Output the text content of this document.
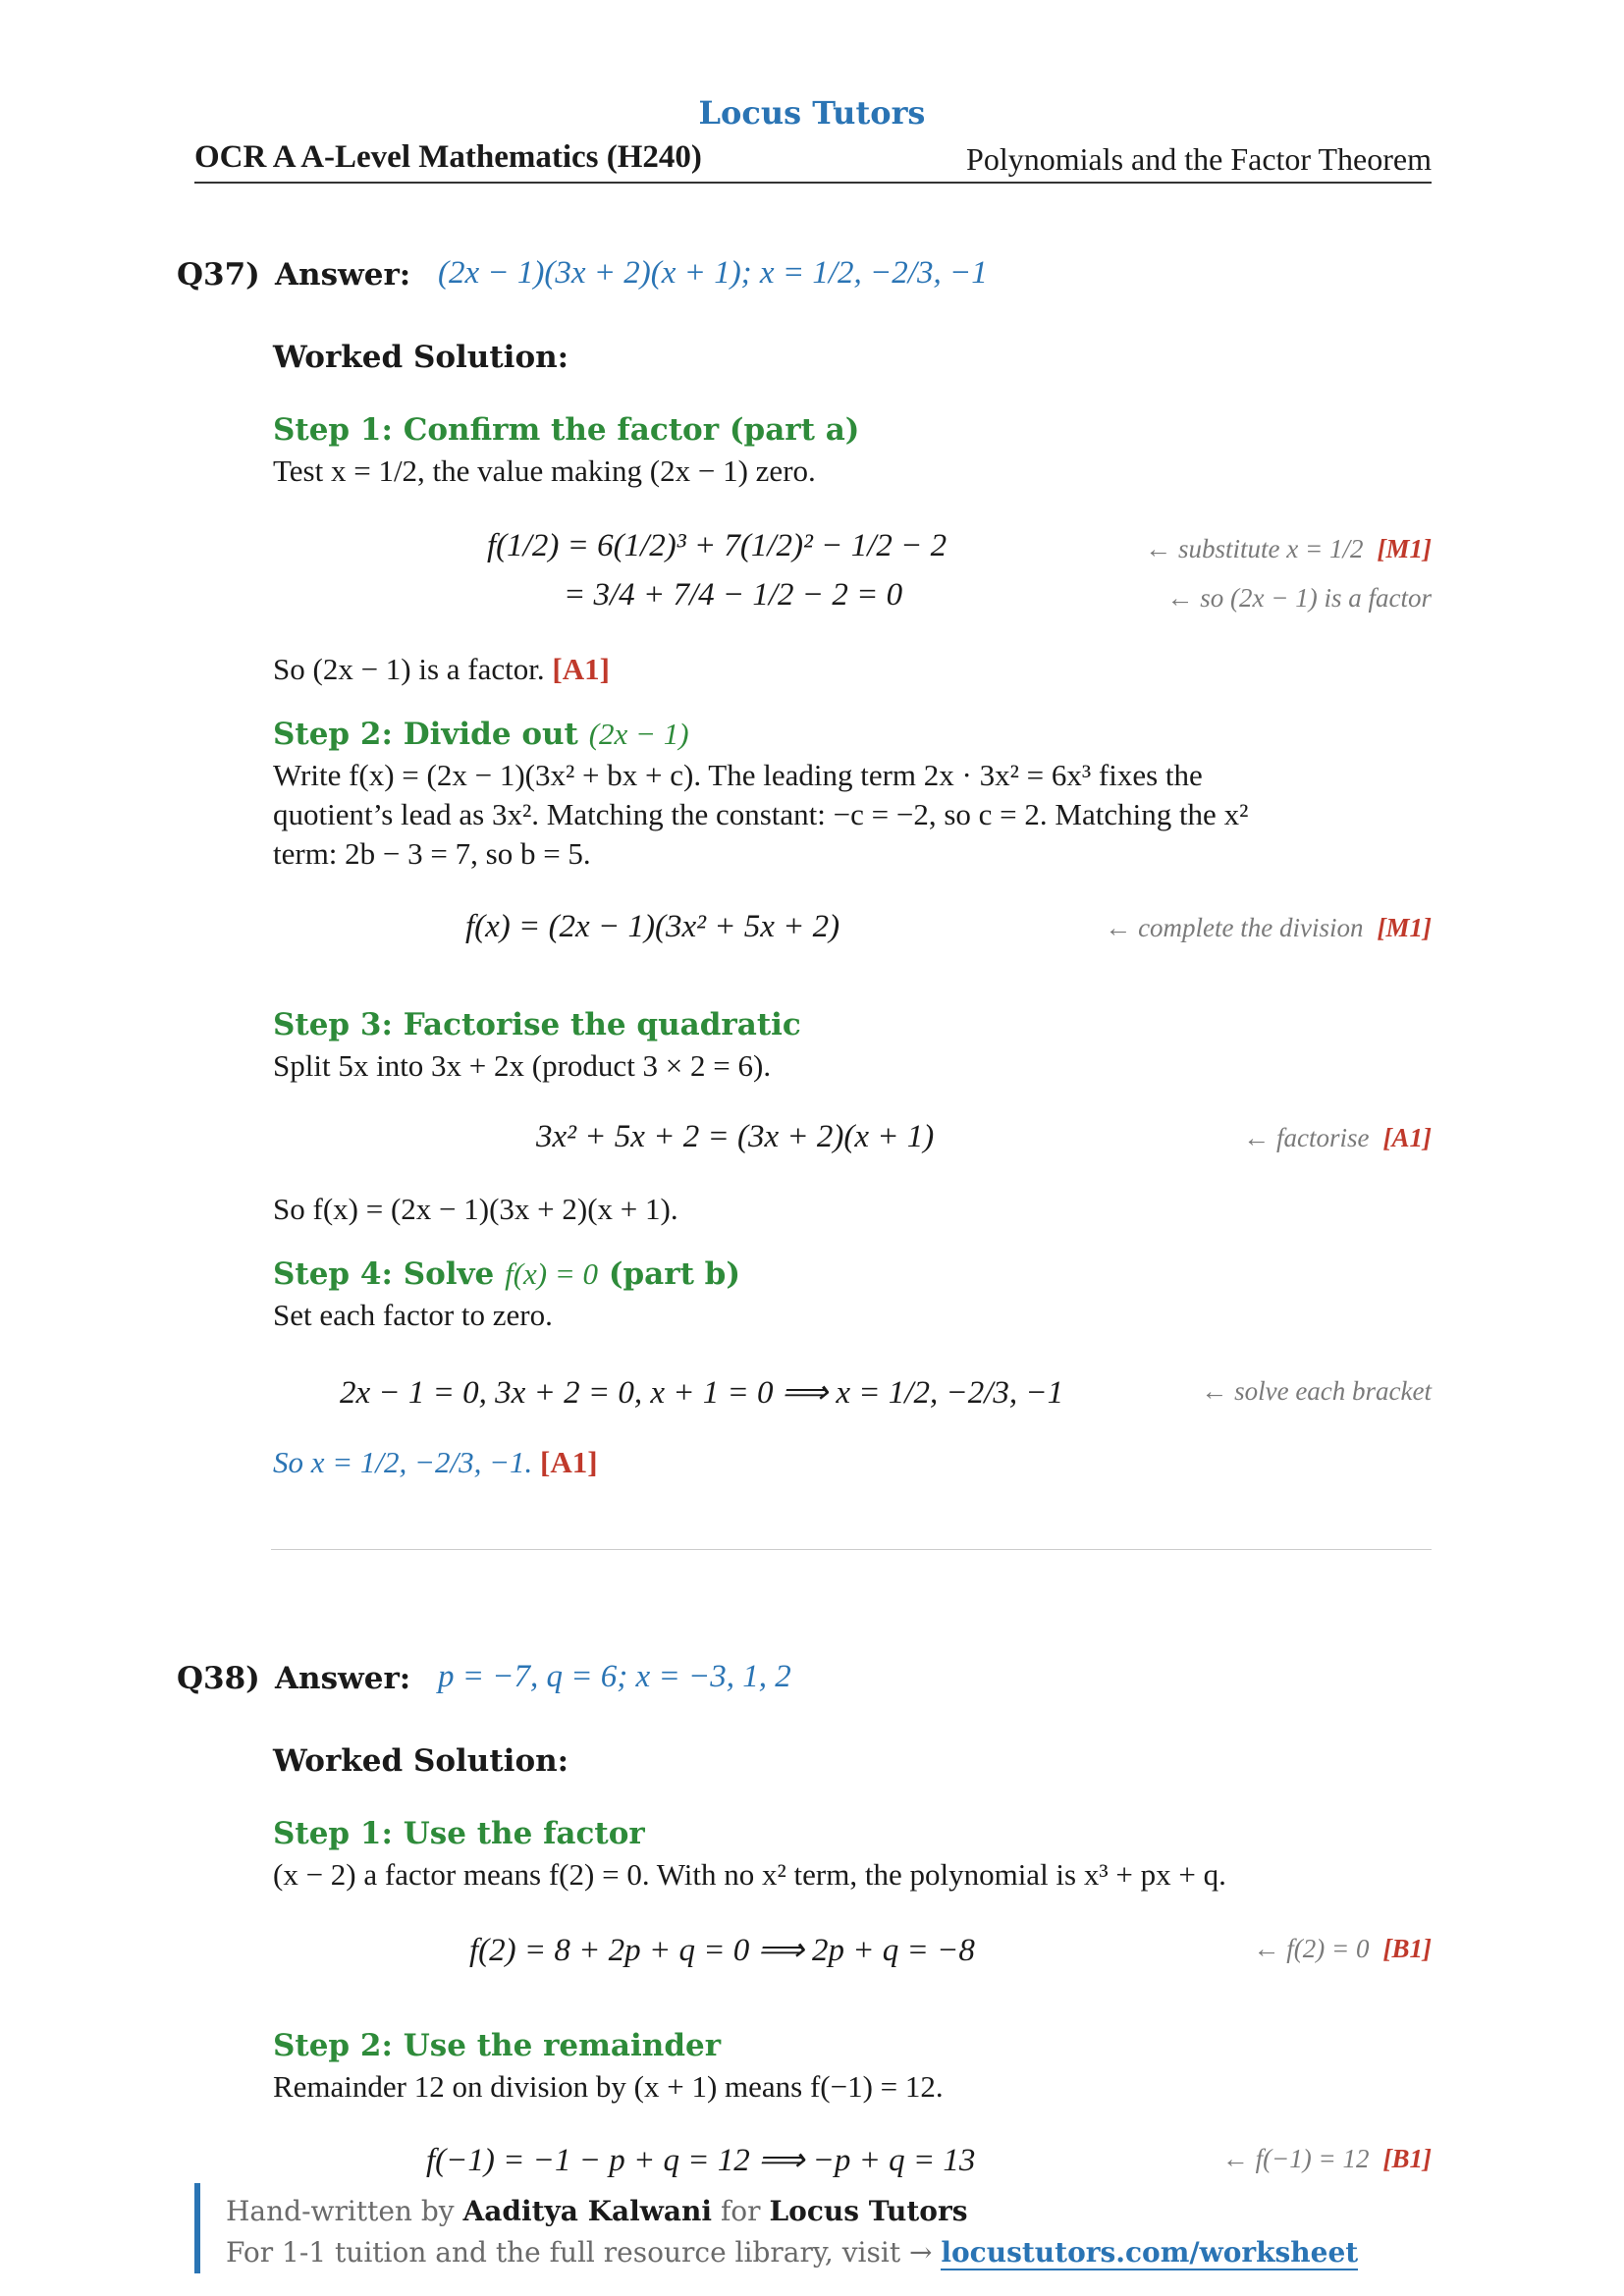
Locus Tutors
OCR A A-Level Mathematics (H240)	Polynomials and the Factor Theorem
Q37) Answer: (2x − 1)(3x + 2)(x + 1); x = 1/2, −2/3, −1
Worked Solution:
Step 1: Confirm the factor (part a)
Test x = 1/2, the value making (2x − 1) zero.
f(1/2) = 6(1/2)³ + 7(1/2)² − 1/2 − 2
= 3/4 + 7/4 − 1/2 − 2 = 0
← substitute x = 1/2 [M1]
← so (2x − 1) is a factor
So (2x − 1) is a factor. [A1]
Step 2: Divide out (2x − 1)
Write f(x) = (2x − 1)(3x² + bx + c). The leading term 2x · 3x² = 6x³ fixes the
quotient’s lead as 3x². Matching the constant: −c = −2, so c = 2. Matching the x²
term: 2b − 3 = 7, so b = 5.
f(x) = (2x − 1)(3x² + 5x + 2)	← complete the division [M1]
Step 3: Factorise the quadratic
Split 5x into 3x + 2x (product 3 × 2 = 6).
3x² + 5x + 2 = (3x + 2)(x + 1)	← factorise [A1]
So f(x) = (2x − 1)(3x + 2)(x + 1).
Step 4: Solve f(x) = 0 (part b)
Set each factor to zero.
2x − 1 = 0, 3x + 2 = 0, x + 1 = 0 ⟹ x = 1/2, −2/3, −1	← solve each bracket
So x = 1/2, −2/3, −1. [A1]
Q38) Answer: p = −7, q = 6; x = −3, 1, 2
Worked Solution:
Step 1: Use the factor
(x − 2) a factor means f(2) = 0. With no x² term, the polynomial is x³ + px + q.
f(2) = 8 + 2p + q = 0 ⟹ 2p + q = −8	← f(2) = 0 [B1]
Step 2: Use the remainder
Remainder 12 on division by (x + 1) means f(−1) = 12.
f(−1) = −1 − p + q = 12 ⟹ −p + q = 13	← f(−1) = 12 [B1]
Hand-written by Aaditya Kalwani for Locus Tutors
For 1-1 tuition and the full resource library, visit → locustutors.com/worksheet
